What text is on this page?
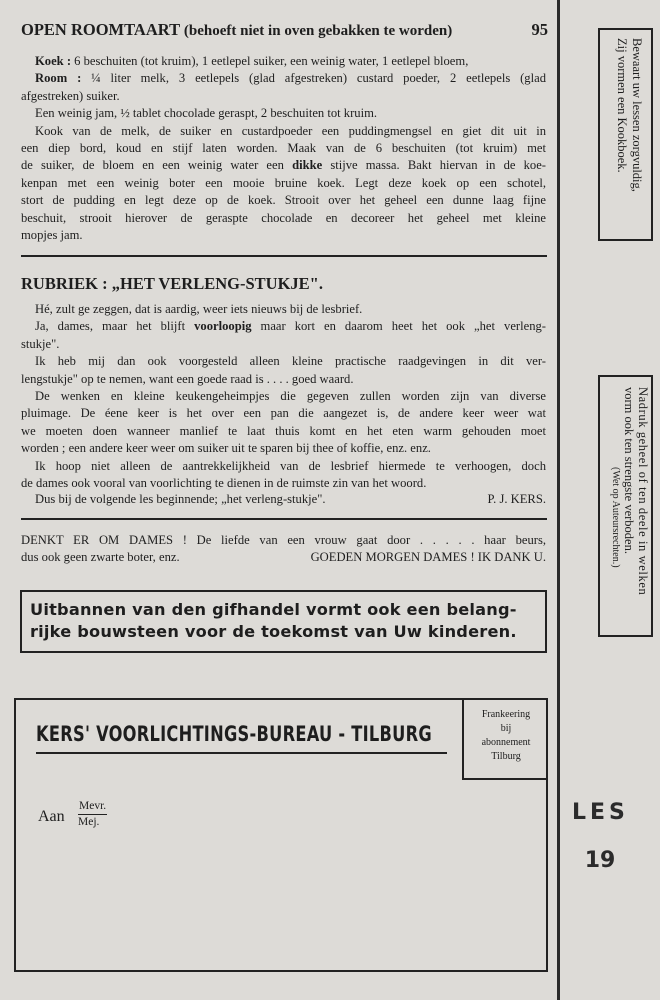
OPEN ROOMTAART (behoeft niet in oven gebakken te worden)	95
Koek : 6 beschuiten (tot kruim), 1 eetlepel suiker, een weinig water, 1 eetlepel bloem,
Room : ¼ liter melk, 3 eetlepels (glad afgestreken) custard poeder, 2 eetlepels (glad
afgestreken) suiker.
Een weinig jam, ½ tablet chocolade geraspt, 2 beschuiten tot kruim.
Kook van de melk, de suiker en custardpoeder een puddingmengsel en giet dit uit in
een diep bord, koud en stijf laten worden. Maak van de 6 beschuiten (tot kruim) met
de suiker, de bloem en een weinig water een dikke stijve massa. Bakt hiervan in de koe-
kenpan met een weinig boter een mooie bruine koek. Legt deze koek op een schotel,
stort de pudding en legt deze op de koek. Strooit over het geheel een dunne laag fijne
beschuit, strooit hierover de geraspte chocolade en decoreer het geheel met kleine
mopjes jam.
RUBRIEK : „HET VERLENG-STUKJE".
Hé, zult ge zeggen, dat is aardig, weer iets nieuws bij de lesbrief.
Ja, dames, maar het blijft voorloopig maar kort en daarom heet het ook „het verleng-
stukje".
Ik heb mij dan ook voorgesteld alleen kleine practische raadgevingen in dit ver-
lengstukje" op te nemen, want een goede raad is . . . . goed waard.
De wenken en kleine keukengeheimpjes die gegeven zullen worden zijn van diverse
pluimage. De éene keer is het over een pan die aangezet is, de andere keer weer wat
we moeten doen wanneer manlief te laat thuis komt en het eten warm gehouden moet
worden ; een andere keer weer om suiker uit te sparen bij thee of koffie, enz. enz.
Ik hoop niet alleen de aantrekkelijkheid van de lesbrief hiermede te verhoogen, doch
de dames ook vooral van voorlichting te dienen in de ruimste zin van het woord.
Dus bij de volgende les beginnende; „het verleng-stukje".	P. J. KERS.
DENKT ER OM DAMES ! De liefde van een vrouw gaat door . . . . . haar beurs,
dus ook geen zwarte boter, enz.	GOEDEN MORGEN DAMES ! IK DANK U.
Uitbannen van den gifhandel vormt ook een belang-
rijke bouwsteen voor de toekomst van Uw kinderen.
KERS' VOORLICHTINGS-BUREAU - TILBURG
Frankeering
bij
abonnement
Tilburg
Aan
Mevr.
Mej.
Bewaart uw lessen zorgvuldig,
Zij vormen een Kookboek.
Nadruk geheel of ten deele in welken
vorm ook ten strengste verboden.
(Wet op Auteursrechten.)
LES
19
